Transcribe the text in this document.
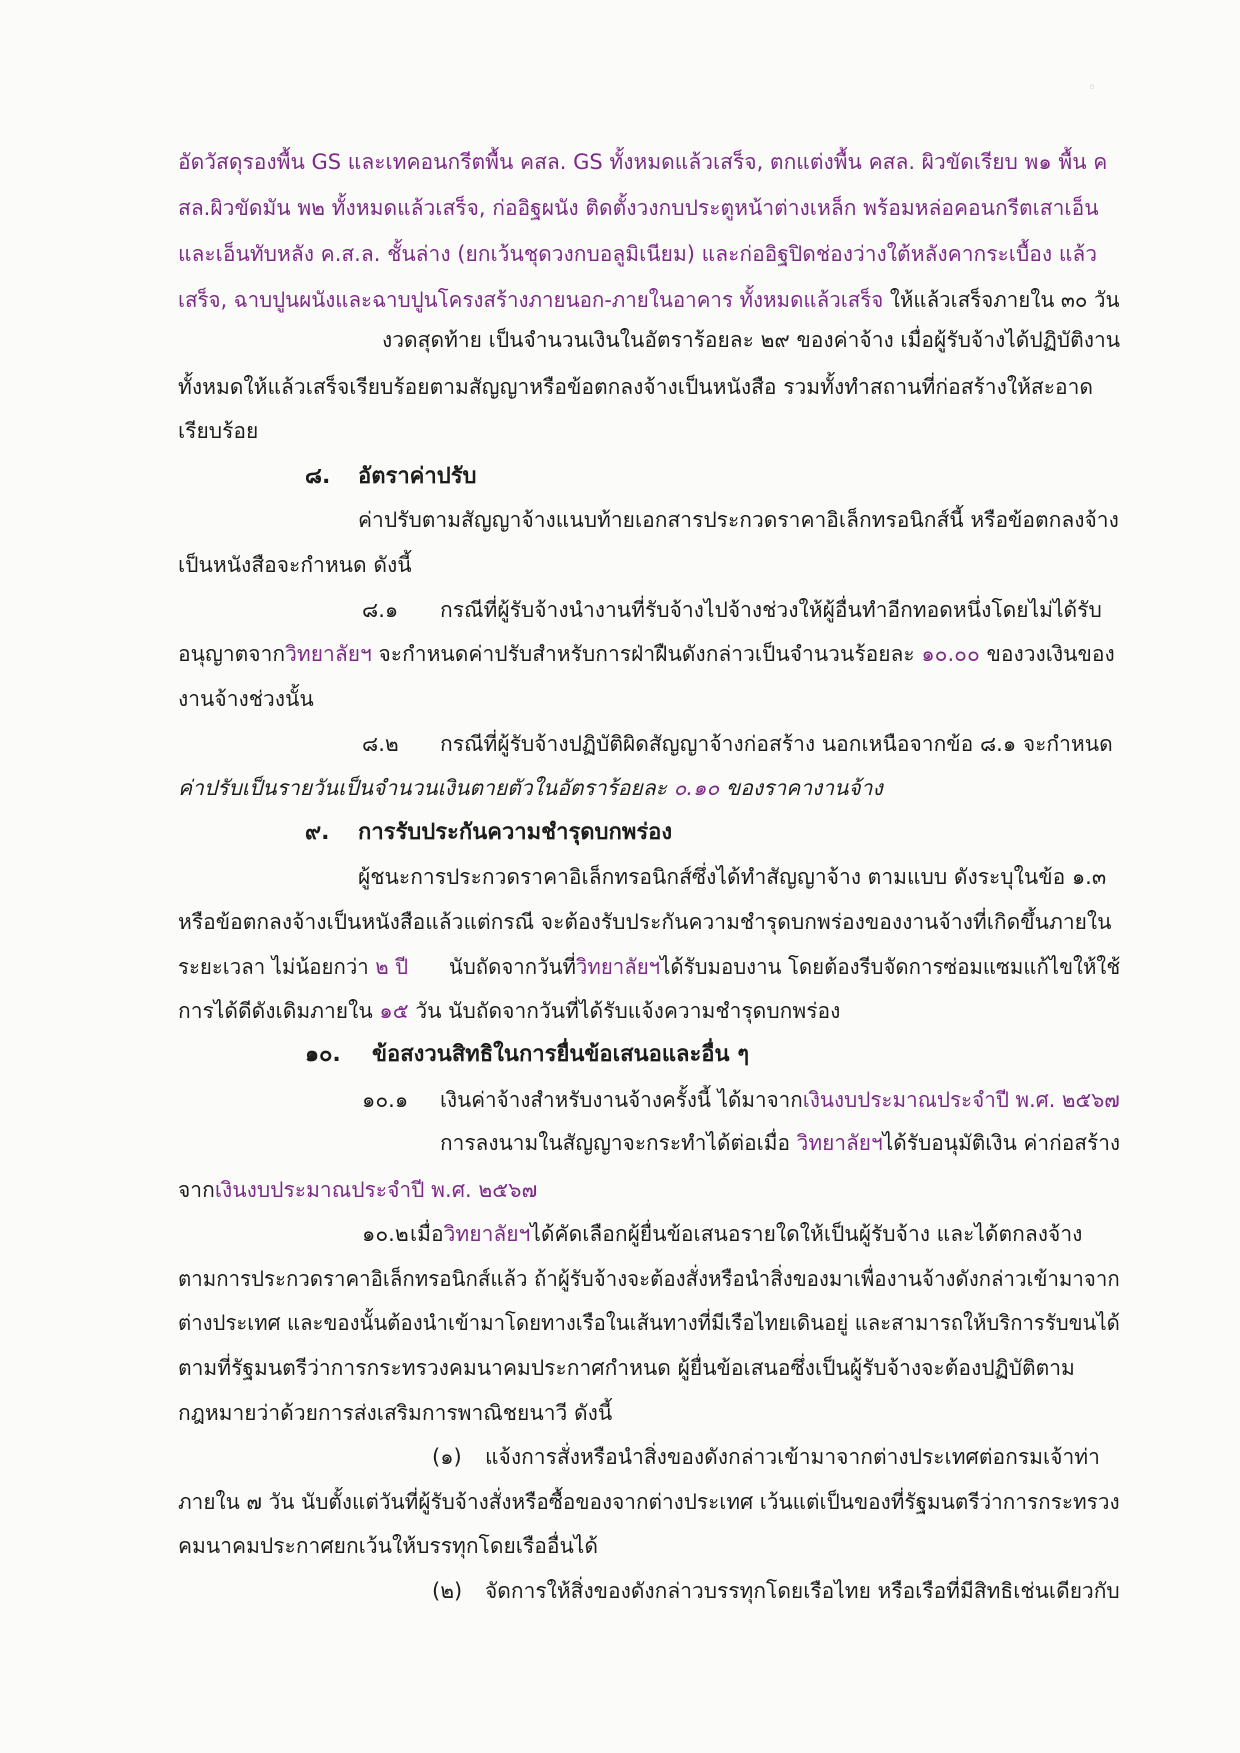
◦
อัดวัสดุรองพื้น GS และเทคอนกรีตพื้น คสล. GS ทั้งหมดแล้วเสร็จ, ตกแต่งพื้น คสล. ผิวขัดเรียบ พ๑ พื้น ค
สล.ผิวขัดมัน พ๒ ทั้งหมดแล้วเสร็จ, ก่ออิฐผนัง ติดตั้งวงกบประตูหน้าต่างเหล็ก พร้อมหล่อคอนกรีตเสาเอ็น
และเอ็นทับหลัง ค.ส.ล. ชั้นล่าง (ยกเว้นชุดวงกบอลูมิเนียม) และก่ออิฐปิดช่องว่างใต้หลังคากระเบื้อง แล้ว
เสร็จ, ฉาบปูนผนังและฉาบปูนโครงสร้างภายนอก-ภายในอาคาร ทั้งหมดแล้วเสร็จ ให้แล้วเสร็จภายใน ๓๐ วัน
งวดสุดท้าย เป็นจำนวนเงินในอัตราร้อยละ ๒๙ ของค่าจ้าง เมื่อผู้รับจ้างได้ปฏิบัติงาน
ทั้งหมดให้แล้วเสร็จเรียบร้อยตามสัญญาหรือข้อตกลงจ้างเป็นหนังสือ รวมทั้งทำสถานที่ก่อสร้างให้สะอาด
เรียบร้อย
๘. อัตราค่าปรับ
ค่าปรับตามสัญญาจ้างแนบท้ายเอกสารประกวดราคาอิเล็กทรอนิกส์นี้ หรือข้อตกลงจ้าง
เป็นหนังสือจะกำหนด ดังนี้
๘.๑ กรณีที่ผู้รับจ้างนำงานที่รับจ้างไปจ้างช่วงให้ผู้อื่นทำอีกทอดหนึ่งโดยไม่ได้รับ
อนุญาตจากวิทยาลัยฯ จะกำหนดค่าปรับสำหรับการฝ่าฝืนดังกล่าวเป็นจำนวนร้อยละ ๑๐.๐๐ ของวงเงินของ
งานจ้างช่วงนั้น
๘.๒ กรณีที่ผู้รับจ้างปฏิบัติผิดสัญญาจ้างก่อสร้าง นอกเหนือจากข้อ ๘.๑ จะกำหนด
ค่าปรับเป็นรายวันเป็นจำนวนเงินตายตัวในอัตราร้อยละ ๐.๑๐ ของราคางานจ้าง
๙. การรับประกันความชำรุดบกพร่อง
ผู้ชนะการประกวดราคาอิเล็กทรอนิกส์ซึ่งได้ทำสัญญาจ้าง ตามแบบ ดังระบุในข้อ ๑.๓
หรือข้อตกลงจ้างเป็นหนังสือแล้วแต่กรณี จะต้องรับประกันความชำรุดบกพร่องของงานจ้างที่เกิดขึ้นภายใน
ระยะเวลา ไม่น้อยกว่า ๒ ปี นับถัดจากวันที่วิทยาลัยฯได้รับมอบงาน โดยต้องรีบจัดการซ่อมแซมแก้ไขให้ใช้
การได้ดีดังเดิมภายใน ๑๕ วัน นับถัดจากวันที่ได้รับแจ้งความชำรุดบกพร่อง
๑๐. ข้อสงวนสิทธิในการยื่นข้อเสนอและอื่น ๆ
๑๐.๑ เงินค่าจ้างสำหรับงานจ้างครั้งนี้ ได้มาจากเงินงบประมาณประจำปี พ.ศ. ๒๕๖๗
การลงนามในสัญญาจะกระทำได้ต่อเมื่อ วิทยาลัยฯได้รับอนุมัติเงิน ค่าก่อสร้าง
จากเงินงบประมาณประจำปี พ.ศ. ๒๕๖๗
๑๐.๒ เมื่อวิทยาลัยฯได้คัดเลือกผู้ยื่นข้อเสนอรายใดให้เป็นผู้รับจ้าง และได้ตกลงจ้าง
ตามการประกวดราคาอิเล็กทรอนิกส์แล้ว ถ้าผู้รับจ้างจะต้องสั่งหรือนำสิ่งของมาเพื่องานจ้างดังกล่าวเข้ามาจาก
ต่างประเทศ และของนั้นต้องนำเข้ามาโดยทางเรือในเส้นทางที่มีเรือไทยเดินอยู่ และสามารถให้บริการรับขนได้
ตามที่รัฐมนตรีว่าการกระทรวงคมนาคมประกาศกำหนด ผู้ยื่นข้อเสนอซึ่งเป็นผู้รับจ้างจะต้องปฏิบัติตาม
กฎหมายว่าด้วยการส่งเสริมการพาณิชยนาวี ดังนี้
(๑) แจ้งการสั่งหรือนำสิ่งของดังกล่าวเข้ามาจากต่างประเทศต่อกรมเจ้าท่า
ภายใน ๗ วัน นับตั้งแต่วันที่ผู้รับจ้างสั่งหรือซื้อของจากต่างประเทศ เว้นแต่เป็นของที่รัฐมนตรีว่าการกระทรวง
คมนาคมประกาศยกเว้นให้บรรทุกโดยเรืออื่นได้
(๒) จัดการให้สิ่งของดังกล่าวบรรทุกโดยเรือไทย หรือเรือที่มีสิทธิเช่นเดียวกับ
